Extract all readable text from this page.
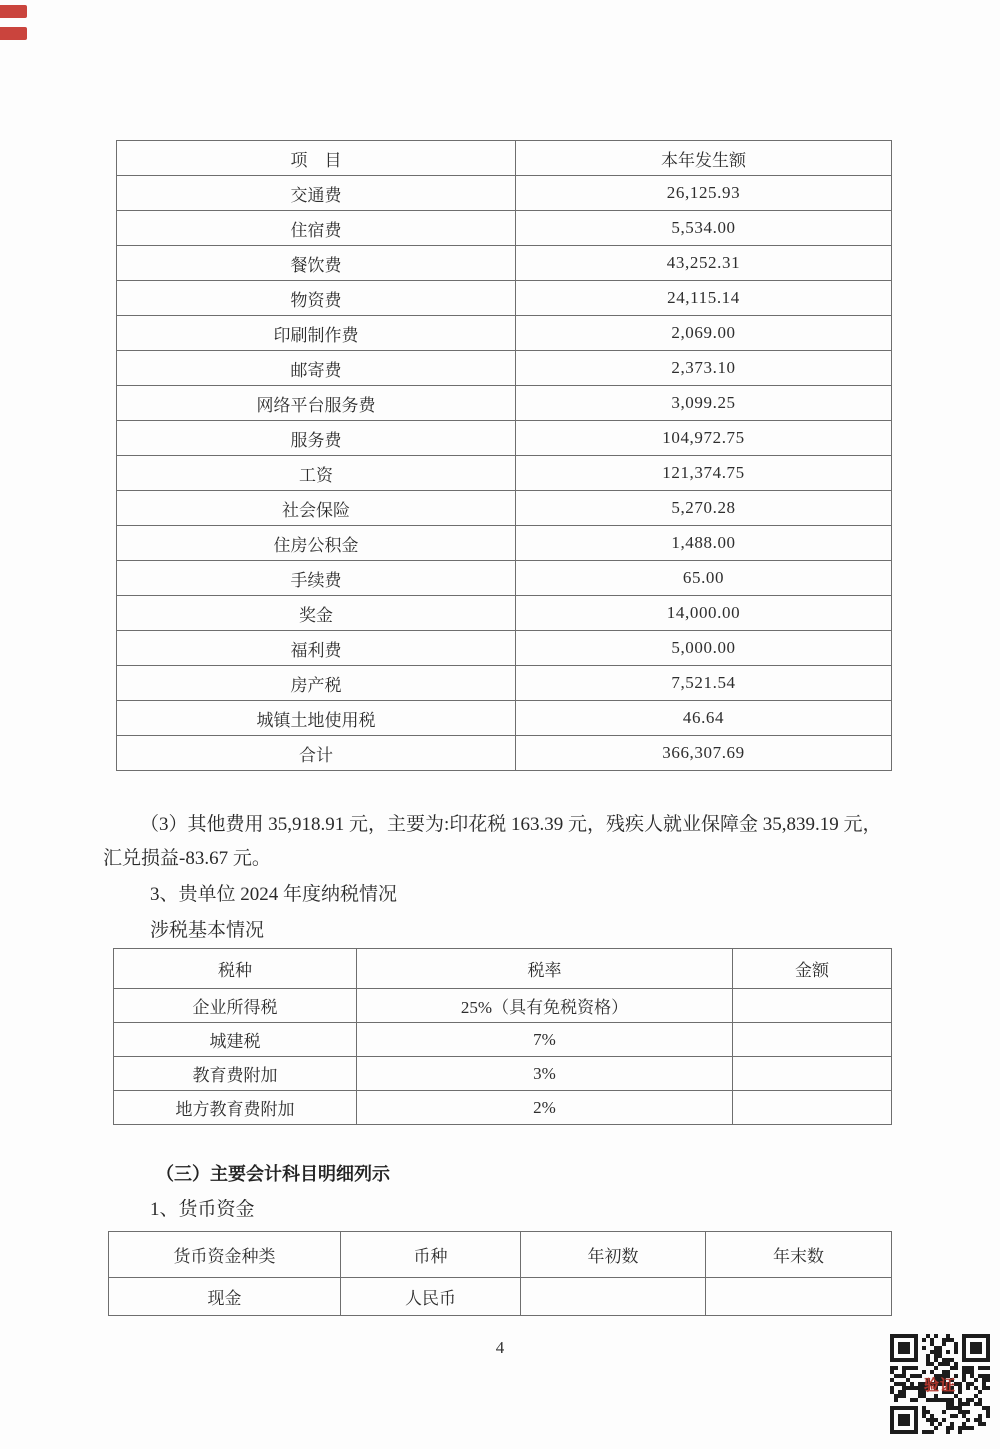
项　目	本年发生额
交通费	26,125.93
住宿费	5,534.00
餐饮费	43,252.31
物资费	24,115.14
印刷制作费	2,069.00
邮寄费	2,373.10
网络平台服务费	3,099.25
服务费	104,972.75
工资	121,374.75
社会保险	5,270.28
住房公积金	1,488.00
手续费	65.00
奖金	14,000.00
福利费	5,000.00
房产税	7,521.54
城镇土地使用税	46.64
合计	366,307.69
（3）其他费用 35,918.91 元，主要为:印花税 163.39 元，残疾人就业保障金 35,839.19 元，
汇兑损益-83.67 元。
3、贵单位 2024 年度纳税情况
涉税基本情况
税种	税率	金额
企业所得税	25%（具有免税资格）	
城建税	7%	
教育费附加	3%	
地方教育费附加	2%	
（三）主要会计科目明细列示
1、货币资金
货币资金种类	币种	年初数	年末数
现金	人民币		
4
验证
